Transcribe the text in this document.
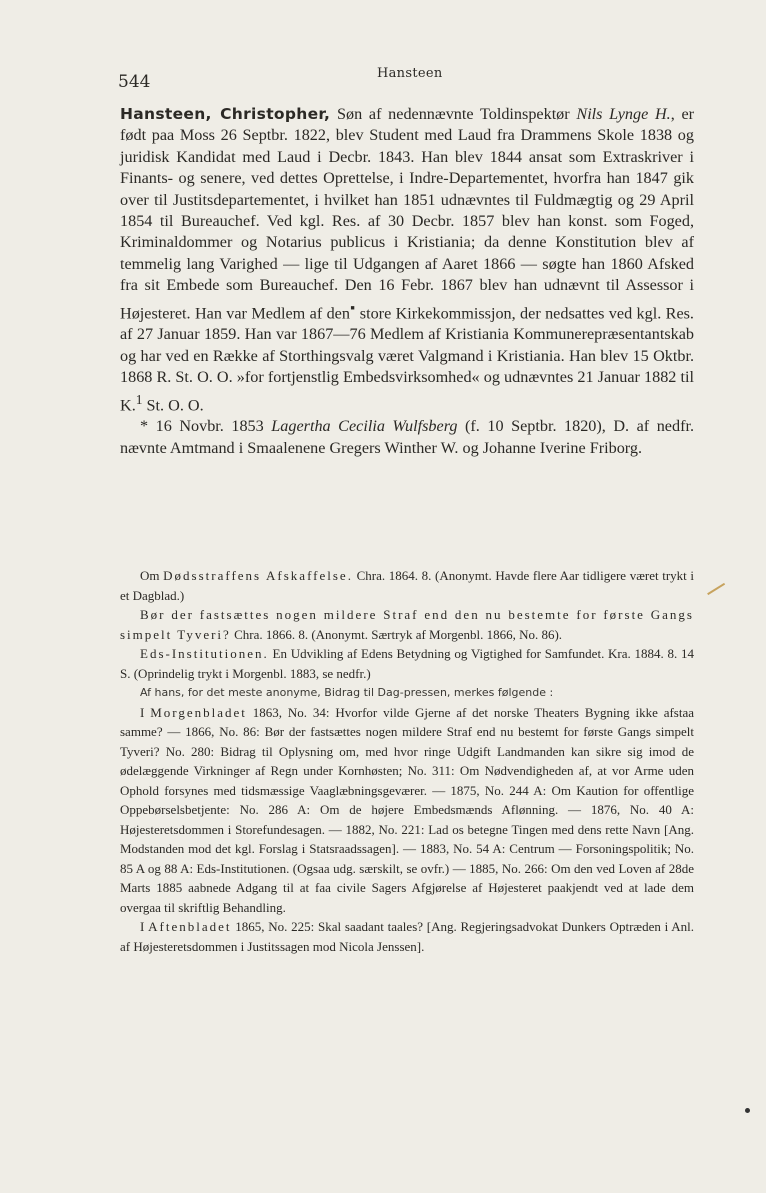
544	Hansteen

Hansteen, Christopher, Søn af nedennævnte Toldinspektør Nils Lynge H., er født paa Moss 26 Septbr. 1822, blev Student med Laud fra Drammens Skole 1838 og juridisk Kandidat med Laud i Decbr. 1843. Han blev 1844 ansat som Extraskriver i Finants- og senere, ved dettes Oprettelse, i Indre-Departementet, hvorfra han 1847 gik over til Justitsdepartementet, i hvilket han 1851 udnævntes til Fuldmægtig og 29 April 1854 til Bureauchef. Ved kgl. Res. af 30 Decbr. 1857 blev han konst. som Foged, Kriminaldommer og Notarius publicus i Kristiania; da denne Konstitution blev af temmelig lang Varighed — lige til Udgangen af Aaret 1866 — søgte han 1860 Afsked fra sit Embede som Bureauchef. Den 16 Febr. 1867 blev han udnævnt til Assessor i Højesteret. Han var Medlem af den▪ store Kirkekommissjon, der nedsattes ved kgl. Res. af 27 Januar 1859. Han var 1867—76 Medlem af Kristiania Kommunerepræsentantskab og har ved en Række af Storthingsvalg været Valgmand i Kristiania. Han blev 15 Oktbr. 1868 R. St. O. O. »for fortjenstlig Embedsvirksomhed« og udnævntes 21 Januar 1882 til K.$^1$ St. O. O.

* 16 Novbr. 1853 Lagertha Cecilia Wulfsberg (f. 10 Septbr. 1820), D. af nedfr. nævnte Amtmand i Smaalenene Gregers Winther W. og Johanne Iverine Friborg.

Om Dødsstraffens Afskaffelse. Chra. 1864. 8. (Anonymt. Havde flere Aar tidligere været trykt i et Dagblad.)

Bør der fastsættes nogen mildere Straf end den nu bestemte for første Gangs simpelt Tyveri? Chra. 1866. 8. (Anonymt. Særtryk af Morgenbl. 1866, No. 86).

Eds-Institutionen. En Udvikling af Edens Betydning og Vigtighed for Samfundet. Kra. 1884. 8. 14 S. (Oprindelig trykt i Morgenbl. 1883, se nedfr.)

Af hans, for det meste anonyme, Bidrag til Dag-pressen, merkes følgende :

I Morgenbladet 1863, No. 34: Hvorfor vilde Gjerne af det norske Theaters Bygning ikke afstaa samme? — 1866, No. 86: Bør der fastsættes nogen mildere Straf end nu bestemt for første Gangs simpelt Tyveri? No. 280: Bidrag til Oplysning om, med hvor ringe Udgift Landmanden kan sikre sig imod de ødelæggende Virkninger af Regn under Kornhøsten; No. 311: Om Nødvendigheden af, at vor Arme uden Ophold forsynes med tidsmæssige Vaaglæbningsgeværer. — 1875, No. 244 A: Om Kaution for offentlige Oppebørselsbetjente: No. 286 A: Om de højere Embedsmænds Aflønning. — 1876, No. 40 A: Højesteretsdommen i Storefundesagen. — 1882, No. 221: Lad os betegne Tingen med dens rette Navn [Ang. Modstanden mod det kgl. Forslag i Statsraadssagen]. — 1883, No. 54 A: Centrum — Forsoningspolitik; No. 85 A og 88 A: Eds-Institutionen. (Ogsaa udg. særskilt, se ovfr.) — 1885, No. 266: Om den ved Loven af 28de Marts 1885 aabnede Adgang til at faa civile Sagers Afgjørelse af Højesteret paakjendt ved at lade dem overgaa til skriftlig Behandling.

I Aftenbladet 1865, No. 225: Skal saadant taales? [Ang. Regjeringsadvokat Dunkers Optræden i Anl. af Højesteretsdommen i Justitssagen mod Nicola Jenssen].
